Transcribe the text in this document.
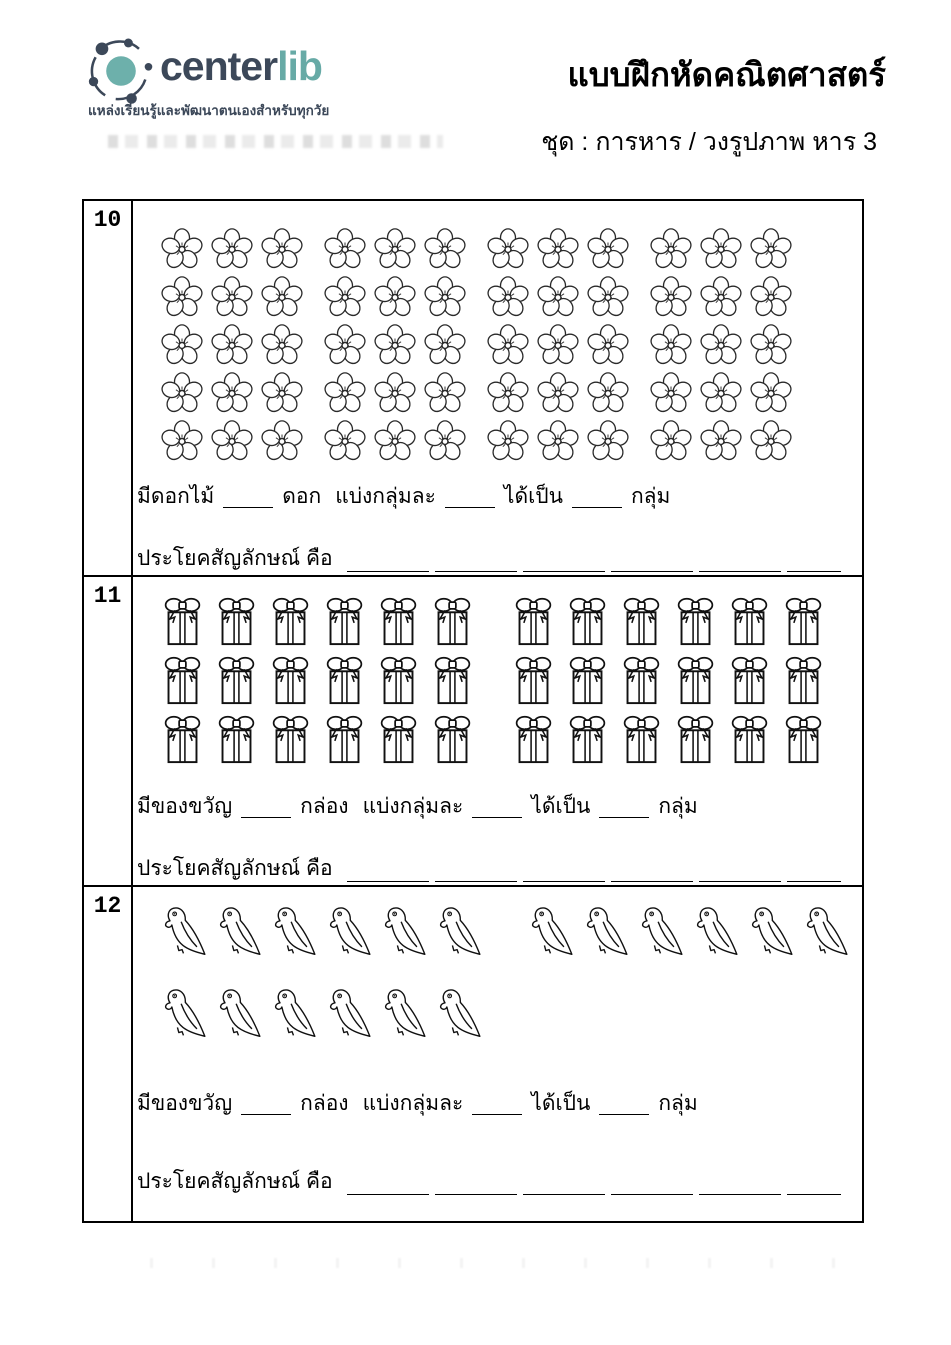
centerlib
แหล่งเรียนรู้และพัฒนาตนเองสำหรับทุกวัย
แบบฝึกหัดคณิตศาสตร์
ชุด : การหาร / วงรูปภาพ หาร 3
10
มีดอกไม้	ดอก แบ่งกลุ่มละ	ได้เป็น	กลุ่ม
ประโยคสัญลักษณ์ คือ
11
มีของขวัญ	กล่อง แบ่งกลุ่มละ	ได้เป็น	กลุ่ม
ประโยคสัญลักษณ์ คือ
12
มีของขวัญ	กล่อง แบ่งกลุ่มละ	ได้เป็น	กลุ่ม
ประโยคสัญลักษณ์ คือ
